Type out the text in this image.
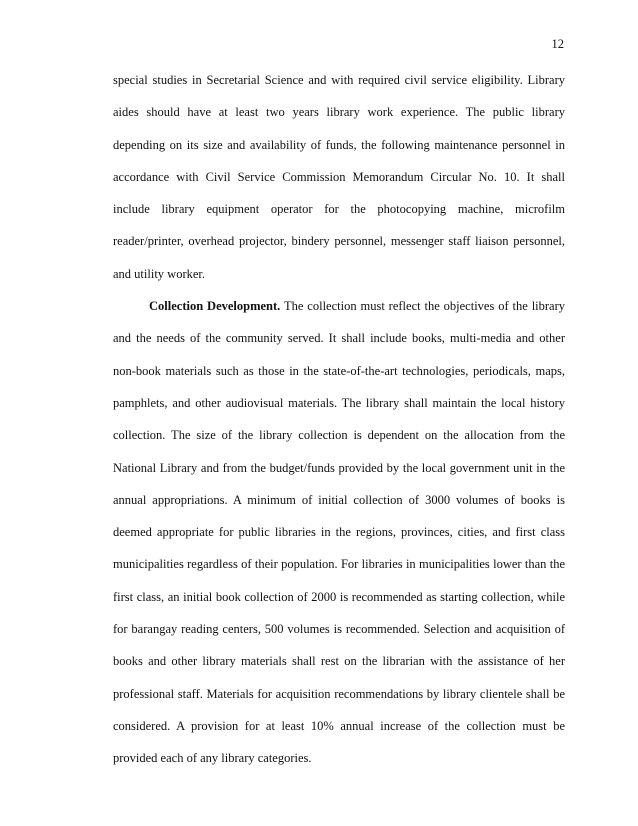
12
special studies in Secretarial Science and with required civil service eligibility. Library
aides should have at least two years library work experience. The public library
depending on its size and availability of funds, the following maintenance personnel in
accordance with Civil Service Commission Memorandum Circular No. 10. It shall
include library equipment operator for the photocopying machine, microfilm
reader/printer, overhead projector, bindery personnel, messenger staff liaison personnel,
and utility worker.
Collection Development. The collection must reflect the objectives of the library
and the needs of the community served. It shall include books, multi-media and other
non-book materials such as those in the state-of-the-art technologies, periodicals, maps,
pamphlets, and other audiovisual materials. The library shall maintain the local history
collection. The size of the library collection is dependent on the allocation from the
National Library and from the budget/funds provided by the local government unit in the
annual appropriations. A minimum of initial collection of 3000 volumes of books is
deemed appropriate for public libraries in the regions, provinces, cities, and first class
municipalities regardless of their population. For libraries in municipalities lower than the
first class, an initial book collection of 2000 is recommended as starting collection, while
for barangay reading centers, 500 volumes is recommended. Selection and acquisition of
books and other library materials shall rest on the librarian with the assistance of her
professional staff. Materials for acquisition recommendations by library clientele shall be
considered. A provision for at least 10% annual increase of the collection must be
provided each of any library categories.
